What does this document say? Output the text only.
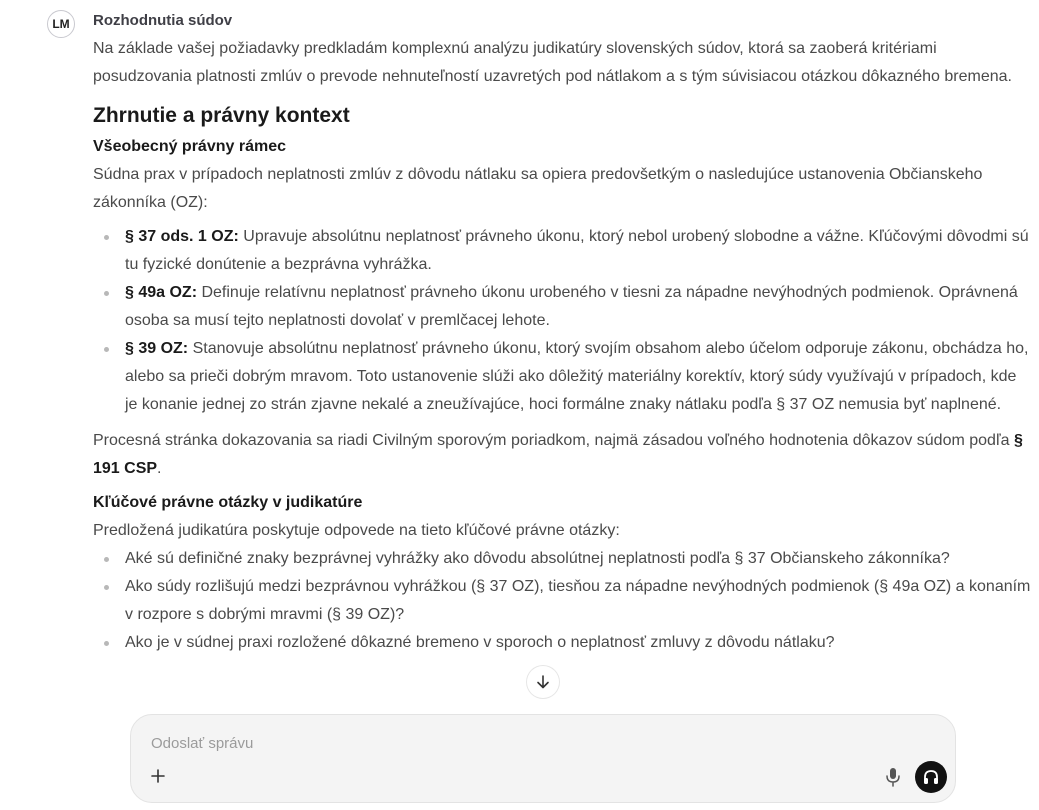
LM Rozhodnutia súdov

Na základe vašej požiadavky predkladám komplexnú analýzu judikatúry slovenských súdov, ktorá sa zaoberá kritériami posudzovania platnosti zmlúv o prevode nehnuteľností uzavretých pod nátlakom a s tým súvisiacou otázkou dôkazného bremena.

Zhrnutie a právny kontext
Všeobecný právny rámec

Súdna prax v prípadoch neplatnosti zmlúv z dôvodu nátlaku sa opiera predovšetkým o nasledujúce ustanovenia Občianskeho zákonníka (OZ):

§ 37 ods. 1 OZ: Upravuje absolútnu neplatnosť právneho úkonu, ktorý nebol urobený slobodne a vážne. Kľúčovými dôvodmi sú tu fyzické donútenie a bezprávna vyhrážka.
§ 49a OZ: Definuje relatívnu neplatnosť právneho úkonu urobeného v tiesni za nápadne nevýhodných podmienok. Oprávnená osoba sa musí tejto neplatnosti dovolať v premlčacej lehote.
§ 39 OZ: Stanovuje absolútnu neplatnosť právneho úkonu, ktorý svojím obsahom alebo účelom odporuje zákonu, obchádza ho, alebo sa prieči dobrým mravom. Toto ustanovenie slúži ako dôležitý materiálny korektív, ktorý súdy využívajú v prípadoch, kde je konanie jednej zo strán zjavne nekalé a zneužívajúce, hoci formálne znaky nátlaku podľa § 37 OZ nemusia byť naplnené.

Procesná stránka dokazovania sa riadi Civilným sporovým poriadkom, najmä zásadou voľného hodnotenia dôkazov súdom podľa § 191 CSP.

Kľúčové právne otázky v judikatúre

Predložená judikatúra poskytuje odpovede na tieto kľúčové právne otázky:

Aké sú definičné znaky bezprávnej vyhrážky ako dôvodu absolútnej neplatnosti podľa § 37 Občianskeho zákonníka?
Ako súdy rozlišujú medzi bezprávnou vyhrážkou (§ 37 OZ), tiesňou za nápadne nevýhodných podmienok (§ 49a OZ) a konaním v rozpore s dobrými mravmi (§ 39 OZ)?
Ako je v súdnej praxi rozložené dôkazné bremeno v sporoch o neplatnosť zmluvy z dôvodu nátlaku?
Odoslať správu
